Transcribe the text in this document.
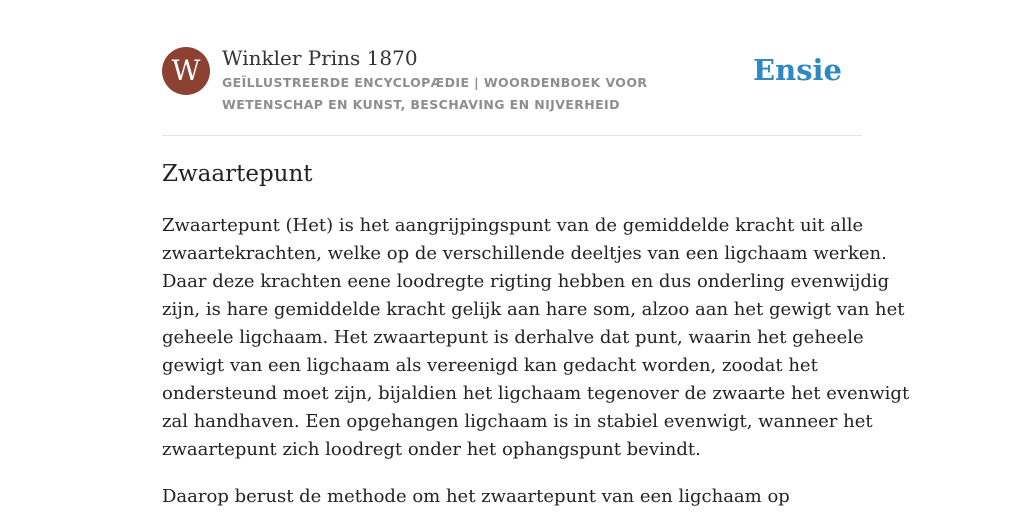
W	Winkler Prins 1870
GEÏLLUSTREERDE ENCYCLOPÆDIE | WOORDENBOEK VOOR WETENSCHAP EN KUNST, BESCHAVING EN NIJVERHEID
Ensie
Zwaartepunt
Zwaartepunt (Het) is het aangrijpingspunt van de gemiddelde kracht uit alle
zwaartekrachten, welke op de verschillende deeltjes van een ligchaam werken.
Daar deze krachten eene loodregte rigting hebben en dus onderling evenwijdig
zijn, is hare gemiddelde kracht gelijk aan hare som, alzoo aan het gewigt van het
geheele ligchaam. Het zwaartepunt is derhalve dat punt, waarin het geheele
gewigt van een ligchaam als vereenigd kan gedacht worden, zoodat het
ondersteund moet zijn, bijaldien het ligchaam tegenover de zwaarte het evenwigt
zal handhaven. Een opgehangen ligchaam is in stabiel evenwigt, wanneer het
zwaartepunt zich loodregt onder het ophangspunt bevindt.
Daarop berust de methode om het zwaartepunt van een ligchaam op
